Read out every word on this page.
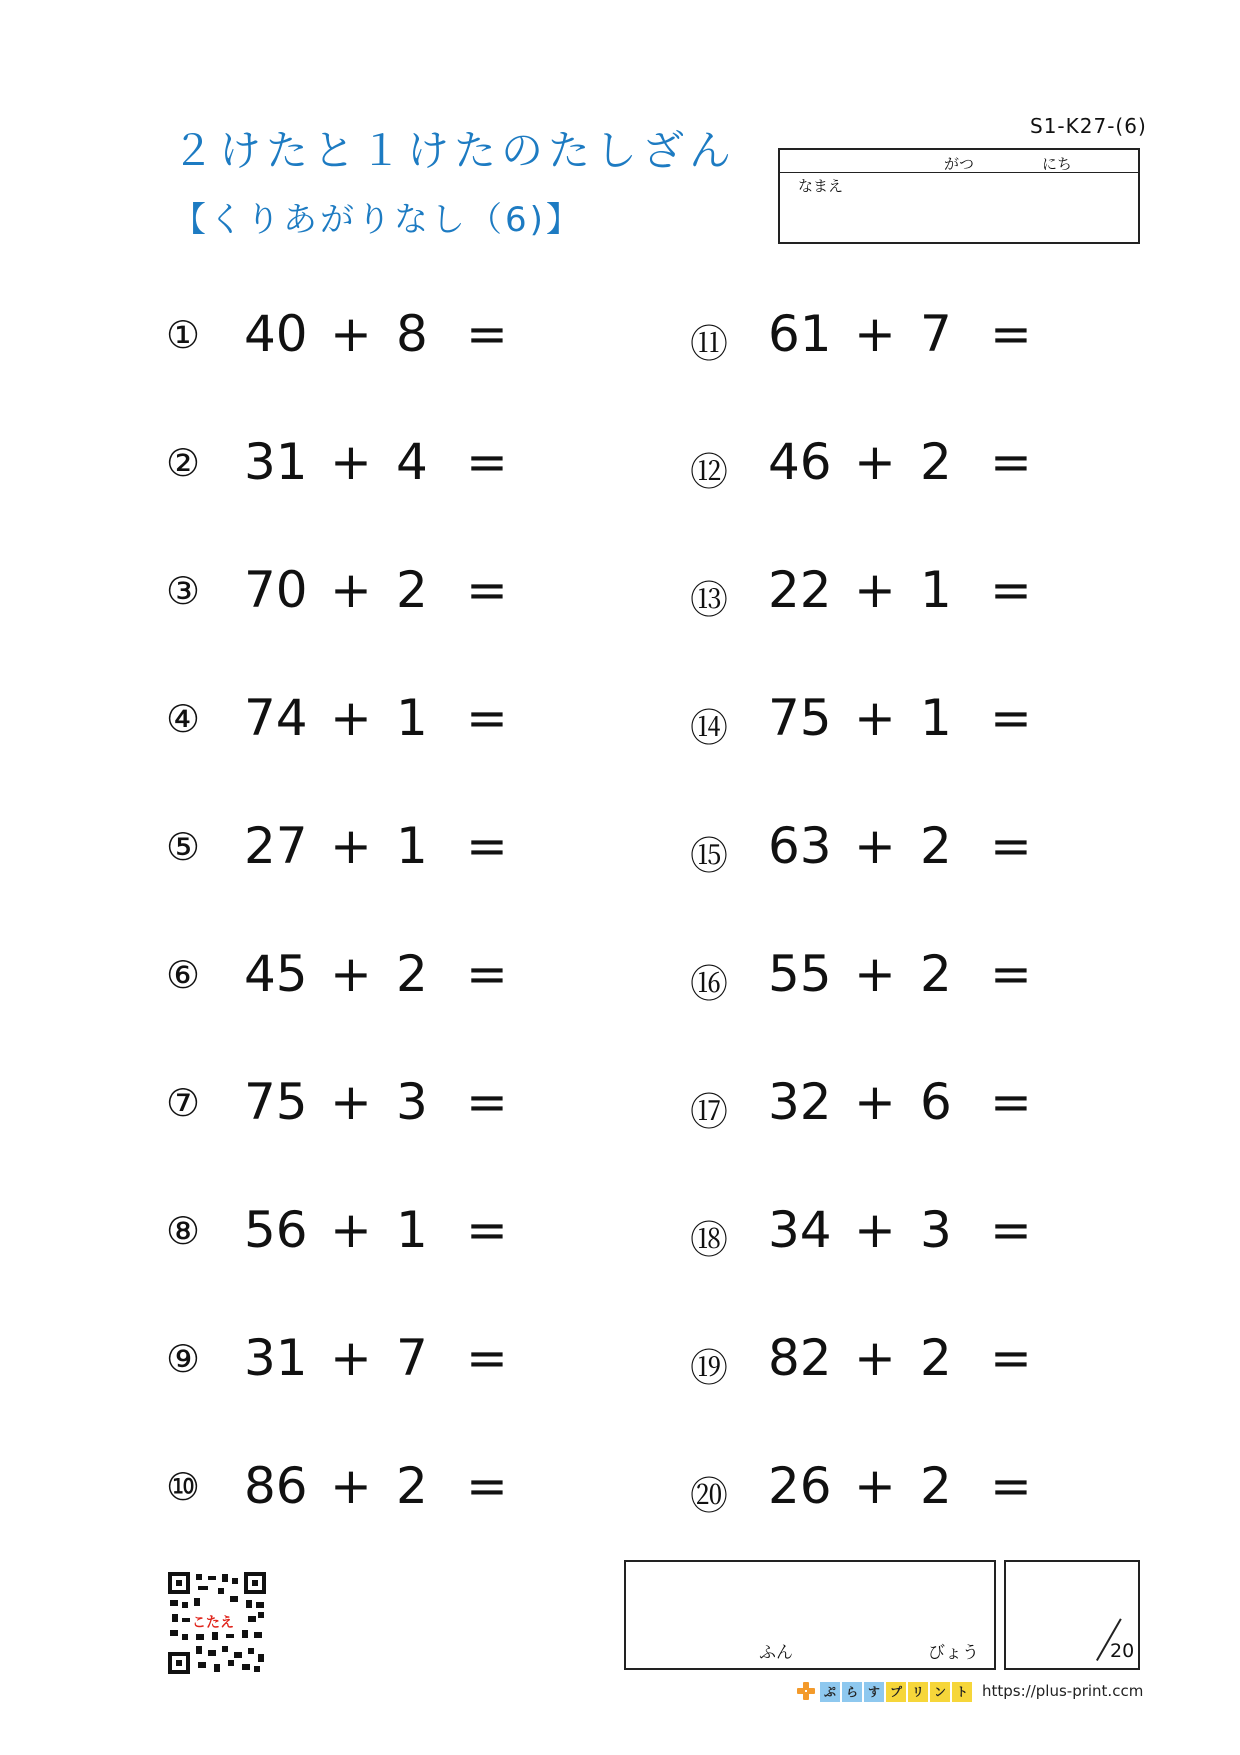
２けたと１けたのたしざん
【くりあがりなし（6)】
S1-K27-(6)
がつ	にち
なまえ
① 40 + 8 =
② 31 + 4 =
③ 70 + 2 =
④ 74 + 1 =
⑤ 27 + 1 =
⑥ 45 + 2 =
⑦ 75 + 3 =
⑧ 56 + 1 =
⑨ 31 + 7 =
⑩ 86 + 2 =
⑪ 61 + 7 =
⑫ 46 + 2 =
⑬ 22 + 1 =
⑭ 75 + 1 =
⑮ 63 + 2 =
⑯ 55 + 2 =
⑰ 32 + 6 =
⑱ 34 + 3 =
⑲ 82 + 2 =
⑳ 26 + 2 =
こたえ
ふん	びょう	20
https://plus-print.ccm
ぷ ら す プ リ ン ト
